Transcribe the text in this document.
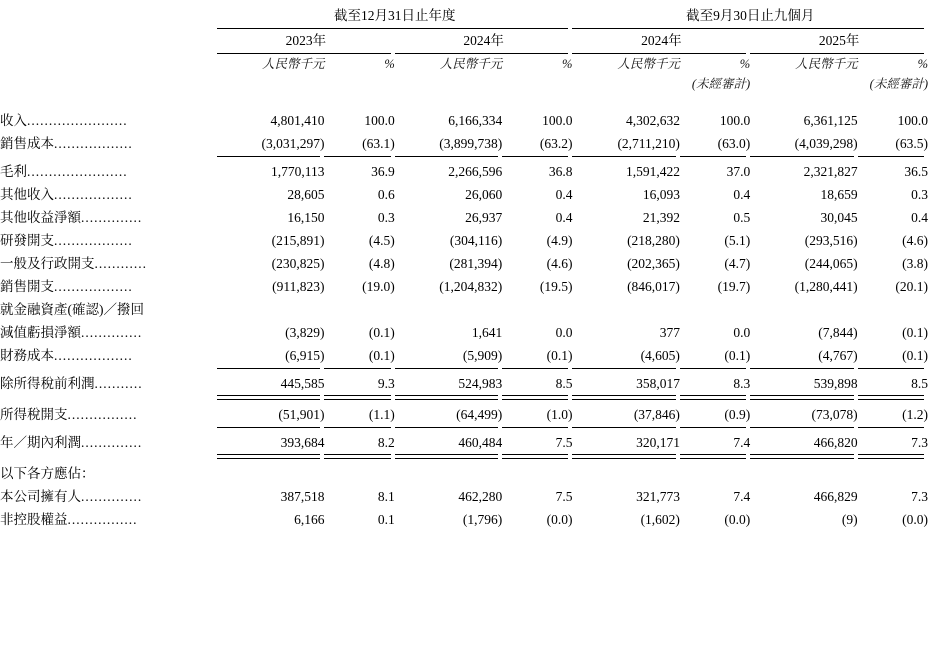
	截至12月31日止年度				截至9月30日止九個月			

	2023年		2024年		2024年		2025年	

	人民幣千元	%	人民幣千元	%	人民幣千元	%	人民幣千元	%
						(未經審計)		(未經審計)

收入.......................	4,801,410	100.0	6,166,334	100.0	4,302,632	100.0	6,361,125	100.0
銷售成本..................	(3,031,297)	(63.1)	(3,899,738)	(63.2)	(2,711,210)	(63.0)	(4,039,298)	(63.5)

毛利.......................	1,770,113	36.9	2,266,596	36.8	1,591,422	37.0	2,321,827	36.5
其他收入..................	28,605	0.6	26,060	0.4	16,093	0.4	18,659	0.3
其他收益淨額..............	16,150	0.3	26,937	0.4	21,392	0.5	30,045	0.4
研發開支..................	(215,891)	(4.5)	(304,116)	(4.9)	(218,280)	(5.1)	(293,516)	(4.6)
一般及行政開支............	(230,825)	(4.8)	(281,394)	(4.6)	(202,365)	(4.7)	(244,065)	(3.8)
銷售開支..................	(911,823)	(19.0)	(1,204,832)	(19.5)	(846,017)	(19.7)	(1,280,441)	(20.1)
就金融資產(確認)／撥回								
減值虧損淨額..............	(3,829)	(0.1)	1,641	0.0	377	0.0	(7,844)	(0.1)
財務成本..................	(6,915)	(0.1)	(5,909)	(0.1)	(4,605)	(0.1)	(4,767)	(0.1)

除所得稅前利潤...........	445,585	9.3	524,983	8.5	358,017	8.3	539,898	8.5

所得稅開支................	(51,901)	(1.1)	(64,499)	(1.0)	(37,846)	(0.9)	(73,078)	(1.2)

年／期內利潤..............	393,684	8.2	460,484	7.5	320,171	7.4	466,820	7.3

以下各方應佔：								
本公司擁有人..............	387,518	8.1	462,280	7.5	321,773	7.4	466,829	7.3
非控股權益................	6,166	0.1	(1,796)	(0.0)	(1,602)	(0.0)	(9)	(0.0)
